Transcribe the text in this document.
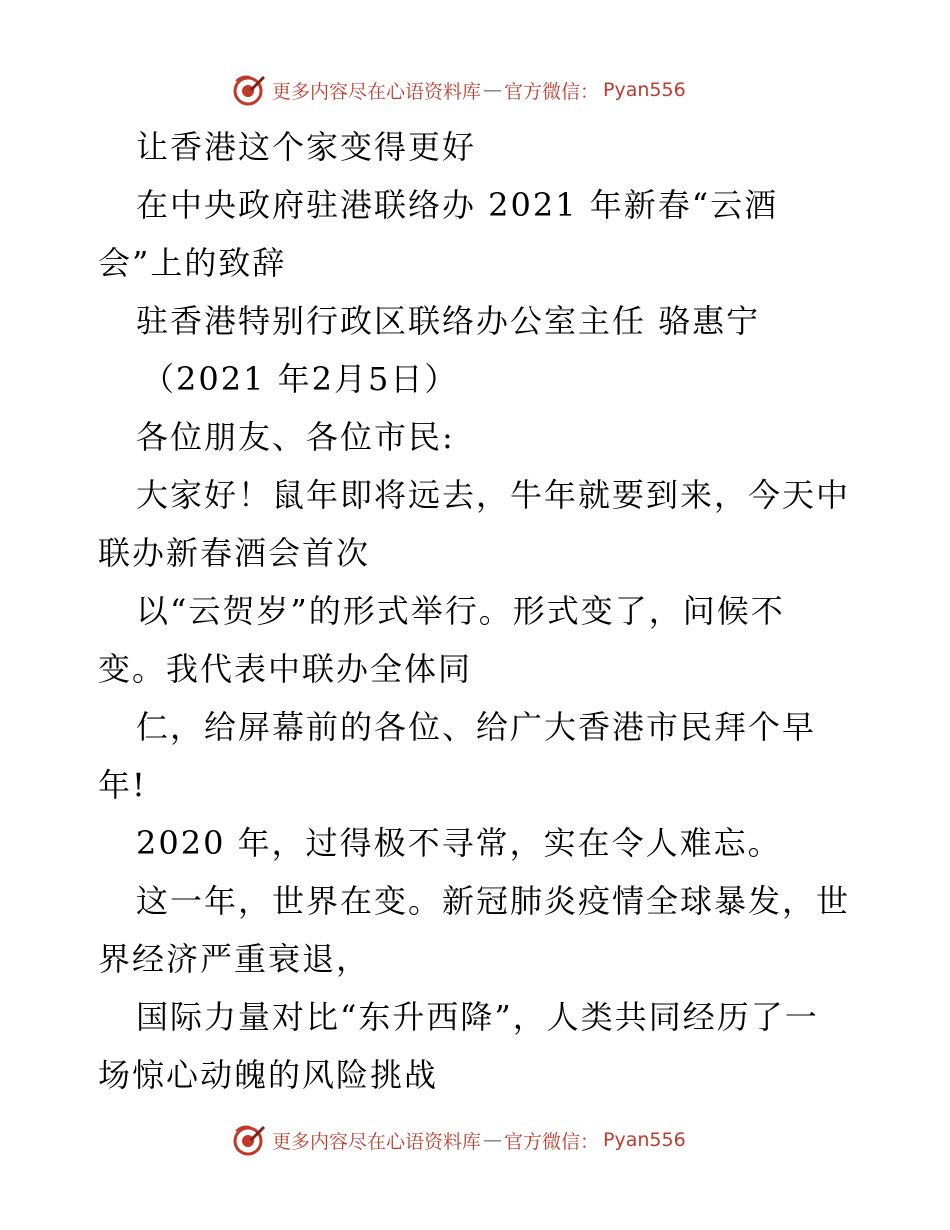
更多内容尽在心语资料库 — 官方微信： Pyan556
让香港这个家变得更好
在中央政府驻港联络办 2021 年新春“云酒
会”上的致辞
驻香港特别行政区联络办公室主任 骆惠宁
（2021 年2月5日）
各位朋友、各位市民:
大家好！鼠年即将远去，牛年就要到来，今天中
联办新春酒会首次
以“云贺岁”的形式举行。形式变了，问候不
变。我代表中联办全体同
仁，给屏幕前的各位、给广大香港市民拜个早
年!
2020 年，过得极不寻常，实在令人难忘。
这一年，世界在变。新冠肺炎疫情全球暴发，世
界经济严重衰退，
国际力量对比“东升西降”，人类共同经历了一
场惊心动魄的风险挑战
更多内容尽在心语资料库 — 官方微信： Pyan556
